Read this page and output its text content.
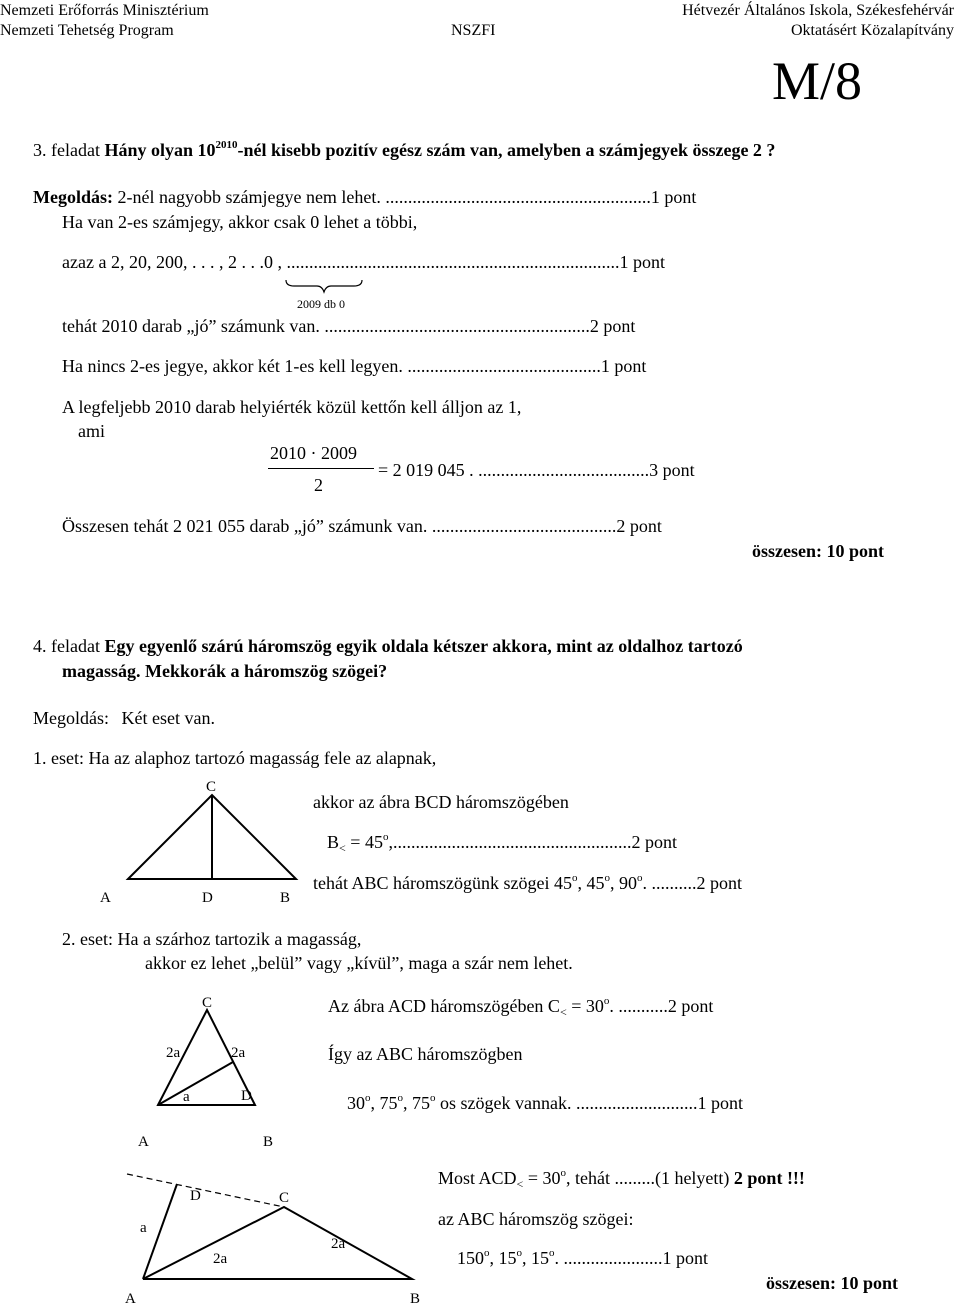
Nemzeti Erőforrás Minisztérium
Nemzeti Tehetség Program	NSZFI
Hétvezér Általános Iskola, Székesfehérvár
Oktatásért Közalapítvány
M/8
3. feladat Hány olyan $10^{2010}$-nél kisebb pozitív egész szám van, amelyben a számjegyek összege 2 ?
Megoldás: 2-nél nagyobb számjegye nem lehet. ...........................................................1 pont
Ha van 2-es számjegy, akkor csak 0 lehet a többi,
azaz a 2, 20, 200, . . . , 2 . . .0 , ..........................................................................1 pont
2009 db 0
tehát 2010 darab „jó” számunk van. ...........................................................2 pont
Ha nincs 2-es jegye, akkor két 1-es kell legyen. ...........................................1 pont
A legfeljebb 2010 darab helyiérték közül kettőn kell álljon az 1,
ami
2010 · 2009
2
= 2 019 045 . ......................................3 pont
Összesen tehát 2 021 055 darab „jó” számunk van. .........................................2 pont
összesen: 10 pont
4. feladat Egy egyenlő szárú háromszög egyik oldala kétszer akkora, mint az oldalhoz tartozó
magasság. Mekkorák a háromszög szögei?
Megoldás: Két eset van.
1. eset: Ha az alaphoz tartozó magasság fele az alapnak,
C
A	D	B
akkor az ábra BCD háromszögében
$B_< = 45^o,.....................................................2$ pont
tehát ABC háromszögünk szögei 45$^o$, 45$^o$, 90$^o$. ..........2 pont
2. eset: Ha a szárhoz tartozik a magasság,
akkor ez lehet „belül” vagy „kívül”, maga a szár nem lehet.
C
2a	2a
a	D
A	B
Az ábra ACD háromszögében $C_< = 30^o$. ...........2 pont
Így az ABC háromszögben
30$^o$, 75$^o$, 75$^o$ os szögek vannak. ...........................1 pont
D	C
a
2a
2a
A	B
Most $ACD_< = 30^o$, tehát .........(1 helyett) 2 pont !!!
az ABC háromszög szögei:
150$^o$, 15$^o$, 15$^o$. ......................1 pont
összesen: 10 pont
